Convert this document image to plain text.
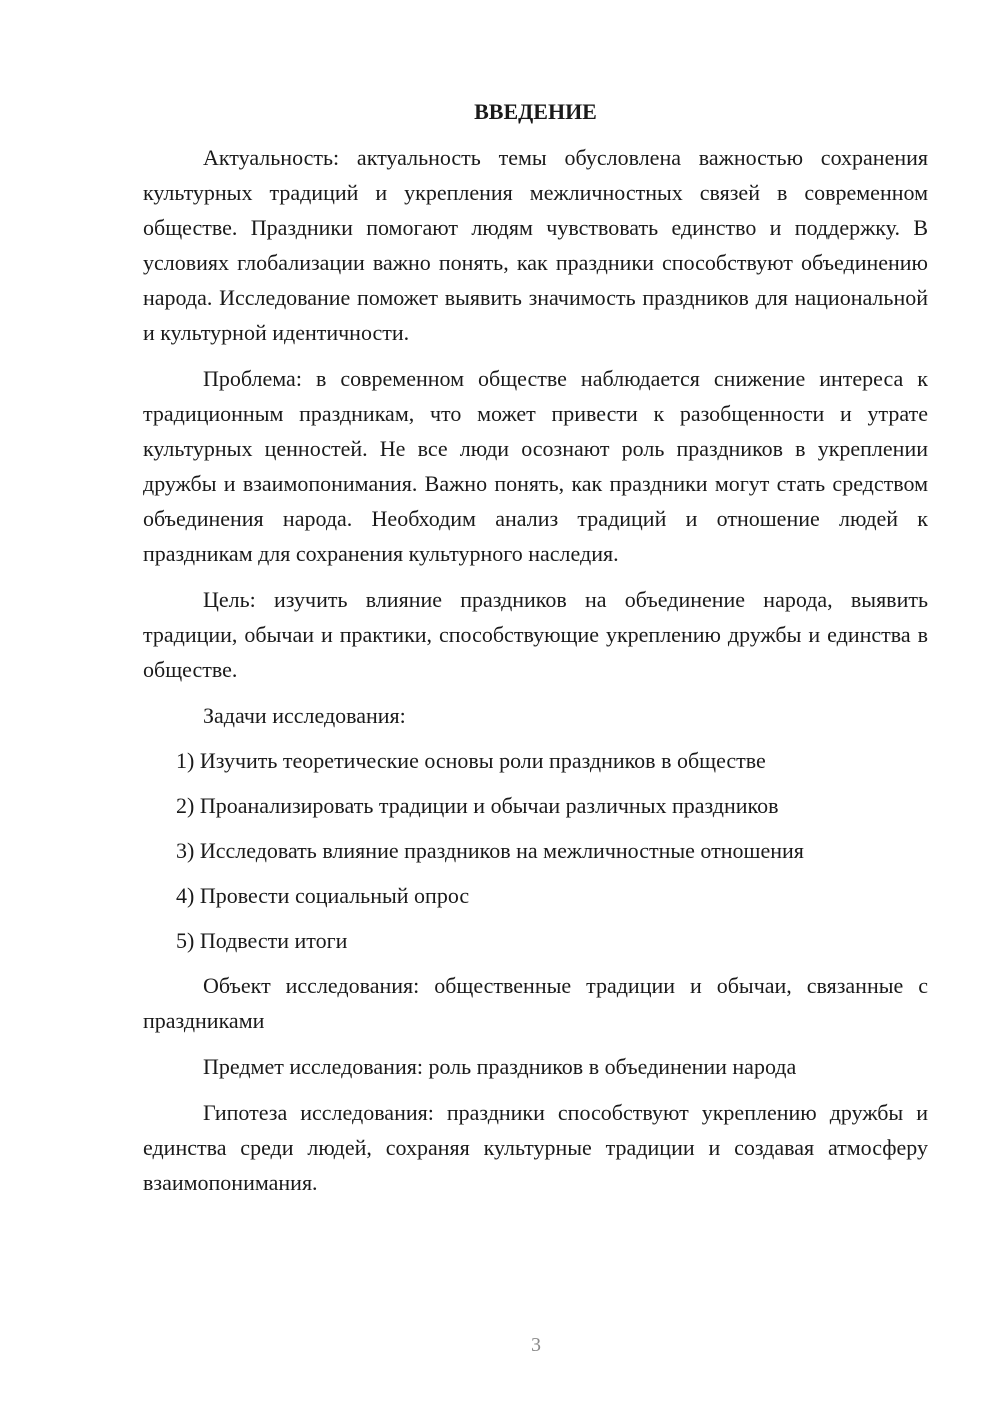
ВВЕДЕНИЕ

Актуальность: актуальность темы обусловлена важностью сохранения культурных традиций и укрепления межличностных связей в современном обществе. Праздники помогают людям чувствовать единство и поддержку. В условиях глобализации важно понять, как праздники способствуют объединению народа. Исследование поможет выявить значимость праздников для национальной и культурной идентичности.

Проблема: в современном обществе наблюдается снижение интереса к традиционным праздникам, что может привести к разобщенности и утрате культурных ценностей. Не все люди осознают роль праздников в укреплении дружбы и взаимопонимания. Важно понять, как праздники могут стать средством объединения народа. Необходим анализ традиций и отношение людей к праздникам для сохранения культурного наследия.

Цель: изучить влияние праздников на объединение народа, выявить традиции, обычаи и практики, способствующие укреплению дружбы и единства в обществе.

Задачи исследования:

1) Изучить теоретические основы роли праздников в обществе
2) Проанализировать традиции и обычаи различных праздников
3) Исследовать влияние праздников на межличностные отношения
4) Провести социальный опрос
5) Подвести итоги

Объект исследования: общественные традиции и обычаи, связанные с праздниками

Предмет исследования: роль праздников в объединении народа

Гипотеза исследования: праздники способствуют укреплению дружбы и единства среди людей, сохраняя культурные традиции и создавая атмосферу взаимопонимания.

3
